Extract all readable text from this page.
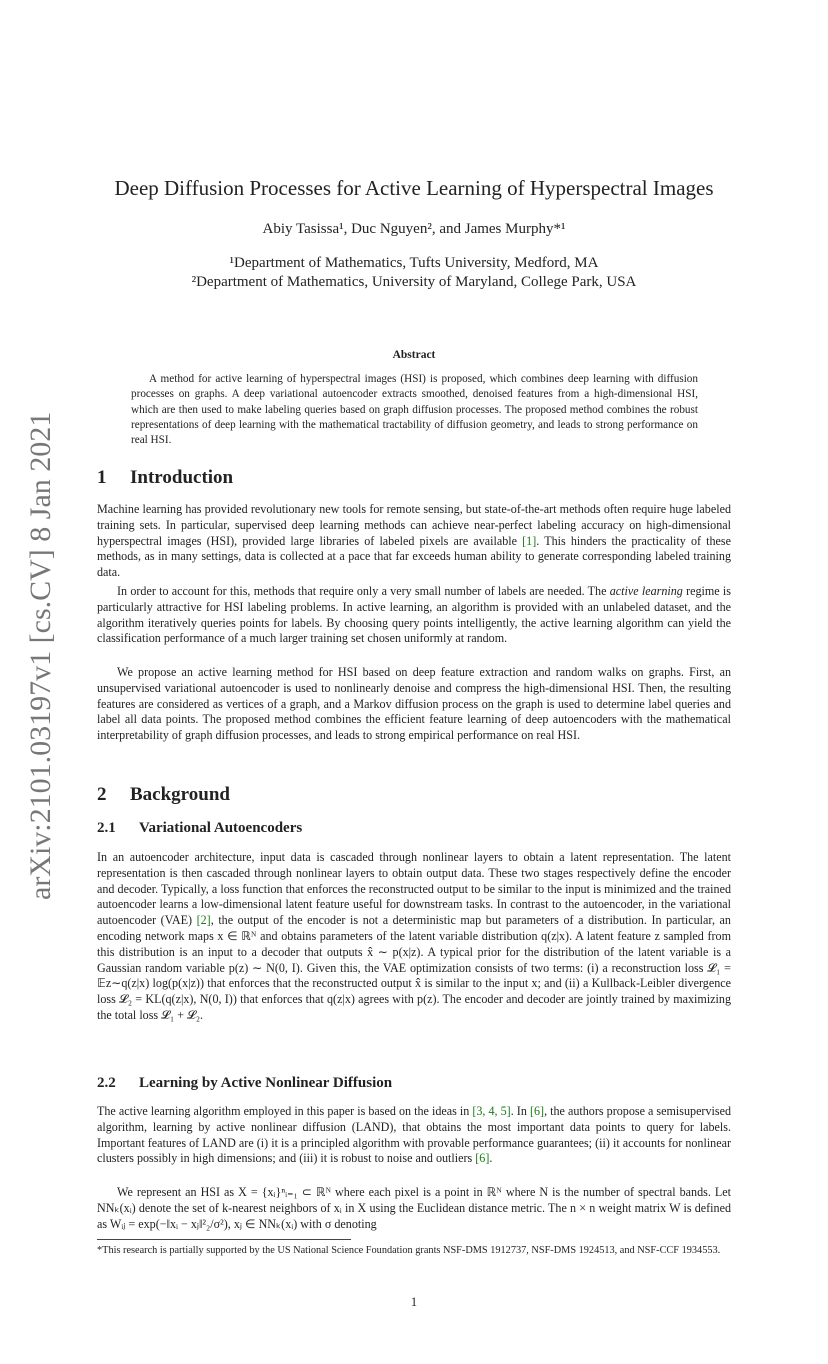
arXiv:2101.03197v1 [cs.CV] 8 Jan 2021
Deep Diffusion Processes for Active Learning of Hyperspectral Images
Abiy Tasissa¹, Duc Nguyen², and James Murphy*¹
¹Department of Mathematics, Tufts University, Medford, MA
²Department of Mathematics, University of Maryland, College Park, USA
Abstract
A method for active learning of hyperspectral images (HSI) is proposed, which combines deep learning with diffusion processes on graphs. A deep variational autoencoder extracts smoothed, denoised features from a high-dimensional HSI, which are then used to make labeling queries based on graph diffusion processes. The proposed method combines the robust representations of deep learning with the mathematical tractability of diffusion geometry, and leads to strong performance on real HSI.
1 Introduction
Machine learning has provided revolutionary new tools for remote sensing, but state-of-the-art methods often require huge labeled training sets. In particular, supervised deep learning methods can achieve near-perfect labeling accuracy on high-dimensional hyperspectral images (HSI), provided large libraries of labeled pixels are available [1]. This hinders the practicality of these methods, as in many settings, data is collected at a pace that far exceeds human ability to generate corresponding labeled training data.
In order to account for this, methods that require only a very small number of labels are needed. The active learning regime is particularly attractive for HSI labeling problems. In active learning, an algorithm is provided with an unlabeled dataset, and the algorithm iteratively queries points for labels. By choosing query points intelligently, the active learning algorithm can yield the classification performance of a much larger training set chosen uniformly at random.
We propose an active learning method for HSI based on deep feature extraction and random walks on graphs. First, an unsupervised variational autoencoder is used to nonlinearly denoise and compress the high-dimensional HSI. Then, the resulting features are considered as vertices of a graph, and a Markov diffusion process on the graph is used to determine label queries and label all data points. The proposed method combines the efficient feature learning of deep autoencoders with the mathematical interpretability of graph diffusion processes, and leads to strong empirical performance on real HSI.
2 Background
2.1 Variational Autoencoders
In an autoencoder architecture, input data is cascaded through nonlinear layers to obtain a latent representation. The latent representation is then cascaded through nonlinear layers to obtain output data. These two stages respectively define the encoder and decoder. Typically, a loss function that enforces the reconstructed output to be similar to the input is minimized and the trained autoencoder learns a low-dimensional latent feature useful for downstream tasks. In contrast to the autoencoder, in the variational autoencoder (VAE) [2], the output of the encoder is not a deterministic map but parameters of a distribution. In particular, an encoding network maps x ∈ ℝᴺ and obtains parameters of the latent variable distribution q(z|x). A latent feature z sampled from this distribution is an input to a decoder that outputs x̂ ∼ p(x|z). A typical prior for the distribution of the latent variable is a Gaussian random variable p(z) ∼ N(0, I). Given this, the VAE optimization consists of two terms: (i) a reconstruction loss 𝓛₁ = 𝔼z∼q(z|x) log(p(x|z)) that enforces that the reconstructed output x̂ is similar to the input x; and (ii) a Kullback-Leibler divergence loss 𝓛₂ = KL(q(z|x), N(0, I)) that enforces that q(z|x) agrees with p(z). The encoder and decoder are jointly trained by maximizing the total loss 𝓛₁ + 𝓛₂.
2.2 Learning by Active Nonlinear Diffusion
The active learning algorithm employed in this paper is based on the ideas in [3, 4, 5]. In [6], the authors propose a semisupervised algorithm, learning by active nonlinear diffusion (LAND), that obtains the most important data points to query for labels. Important features of LAND are (i) it is a principled algorithm with provable performance guarantees; (ii) it accounts for nonlinear clusters possibly in high dimensions; and (iii) it is robust to noise and outliers [6].
We represent an HSI as X = {xᵢ}ⁿᵢ₌₁ ⊂ ℝᴺ where each pixel is a point in ℝᴺ where N is the number of spectral bands. Let NNₖ(xᵢ) denote the set of k-nearest neighbors of xᵢ in X using the Euclidean distance metric. The n × n weight matrix W is defined as Wᵢⱼ = exp(−‖xᵢ − xⱼ‖²₂/σ²), xⱼ ∈ NNₖ(xᵢ) with σ denoting
*This research is partially supported by the US National Science Foundation grants NSF-DMS 1912737, NSF-DMS 1924513, and NSF-CCF 1934553.
1
